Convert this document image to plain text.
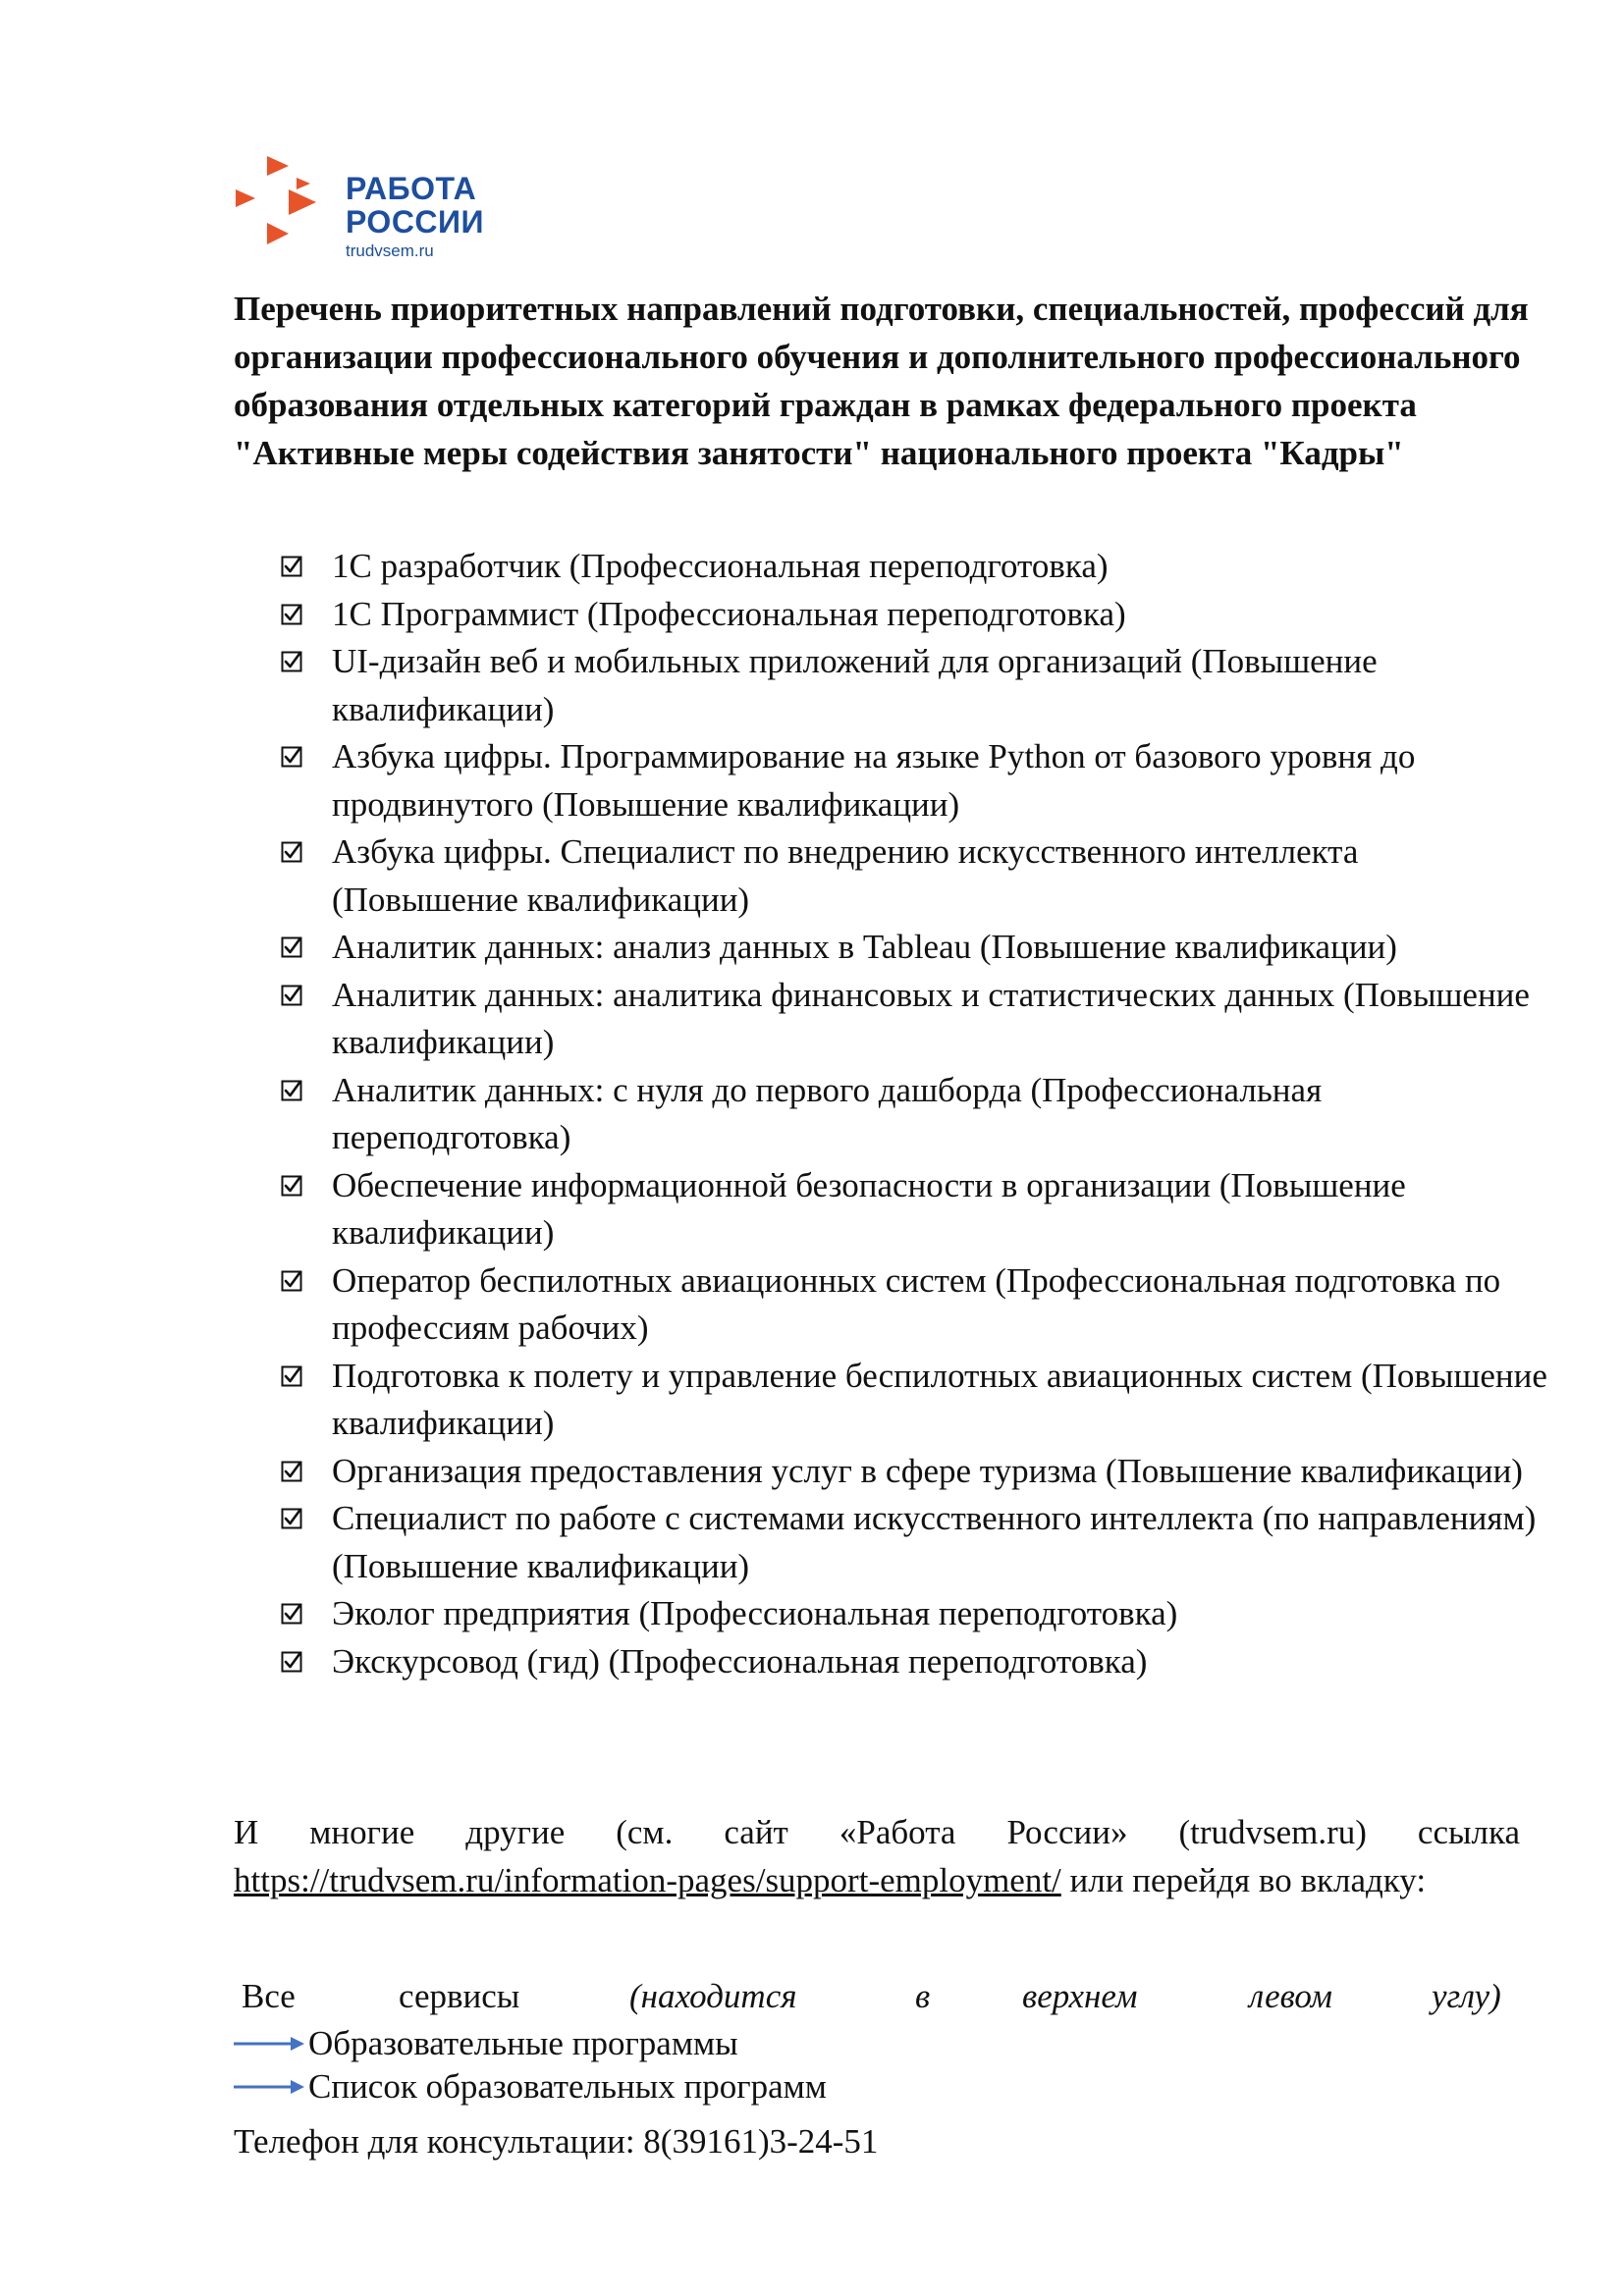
РАБОТА
РОССИИ
trudvsem.ru
Перечень приоритетных направлений подготовки, специальностей, профессий для организации профессионального обучения и дополнительного профессионального образования отдельных категорий граждан в рамках федерального проекта "Активные меры содействия занятости" национального проекта "Кадры"
1С разработчик (Профессиональная переподготовка)
1С Программист (Профессиональная переподготовка)
UI-дизайн веб и мобильных приложений для организаций (Повышение квалификации)
Азбука цифры. Программирование на языке Python от базового уровня до продвинутого (Повышение квалификации)
Азбука цифры. Специалист по внедрению искусственного интеллекта (Повышение квалификации)
Аналитик данных: анализ данных в Tableau (Повышение квалификации)
Аналитик данных: аналитика финансовых и статистических данных (Повышение квалификации)
Аналитик данных: с нуля до первого дашборда (Профессиональная переподготовка)
Обеспечение информационной безопасности в организации (Повышение квалификации)
Оператор беспилотных авиационных систем (Профессиональная подготовка по профессиям рабочих)
Подготовка к полету и управление беспилотных авиационных систем (Повышение квалификации)
Организация предоставления услуг в сфере туризма (Повышение квалификации)
Специалист по работе с системами искусственного интеллекта (по направлениям) (Повышение квалификации)
Эколог предприятия (Профессиональная переподготовка)
Экскурсовод (гид) (Профессиональная переподготовка)

И многие другие (см. сайт «Работа России» (trudvsem.ru) ссылка https://trudvsem.ru/information-pages/support-employment/ или перейдя во вкладку:

Все	сервисы	(находится	в	верхнем	левом	углу)
Образовательные программы
Список образовательных программ
Телефон для консультации: 8(39161)3-24-51
